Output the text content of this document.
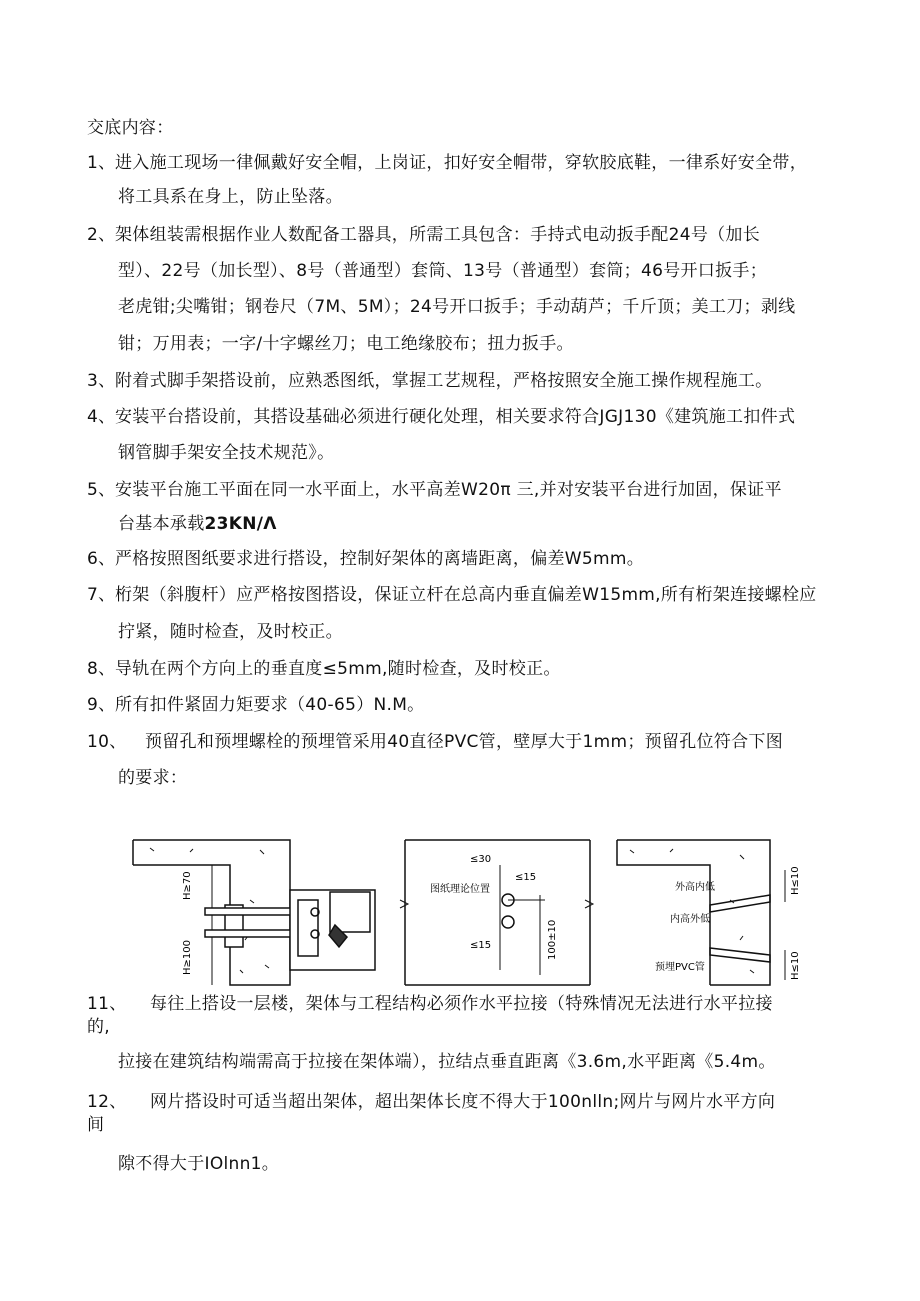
交底内容：
1、 进入施工现场一律佩戴好安全帽，上岗证，扣好安全帽带，穿软胶底鞋，一律系好安全带，
将工具系在身上，防止坠落。
2、 架体组装需根据作业人数配备工器具，所需工具包含：手持式电动扳手配24号（加长
型）、22号（加长型）、8号（普通型）套筒、13号（普通型）套筒；46号开口扳手；
老虎钳;尖嘴钳；钢卷尺（7M、5M）；24号开口扳手；手动葫芦；千斤顶；美工刀；剥线
钳；万用表；一字/十字螺丝刀；电工绝缘胶布；扭力扳手。
3、 附着式脚手架搭设前，应熟悉图纸，掌握工艺规程，严格按照安全施工操作规程施工。
4、 安装平台搭设前，其搭设基础必须进行硬化处理，相关要求符合JGJ130《建筑施工扣件式
钢管脚手架安全技术规范》。
5、 安装平台施工平面在同一水平面上，水平高差W20π 三,并对安装平台进行加固，保证平
台基本承载23KN∕Λ
6、 严格按照图纸要求进行搭设，控制好架体的离墙距离，偏差W5mm。
7、 桁架（斜腹杆）应严格按图搭设，保证立杆在总高内垂直偏差W15mm,所有桁架连接螺栓应
拧紧，随时检查，及时校正。
8、 导轨在两个方向上的垂直度≤5mm,随时检查，及时校正。
9、 所有扣件紧固力矩要求（40-65）N.M。
10、 预留孔和预埋螺栓的预埋管采用40直径PVC管，壁厚大于1mm；预留孔位符合下图
的要求：
H≥70
H≥100
≤30
≤15
图纸理论位置
≤15	100±10
外高内低
内高外低
预埋PVC管
H≤10
H≤10
11、 每往上搭设一层楼，架体与工程结构必须作水平拉接（特殊情况无法进行水平拉接
的,
拉接在建筑结构端需高于拉接在架体端），拉结点垂直距离《3.6m,水平距离《5.4m。
12、 网片搭设时可适当超出架体，超出架体长度不得大于100nlln;网片与网片水平方向
间
隙不得大于IOlnn1。
